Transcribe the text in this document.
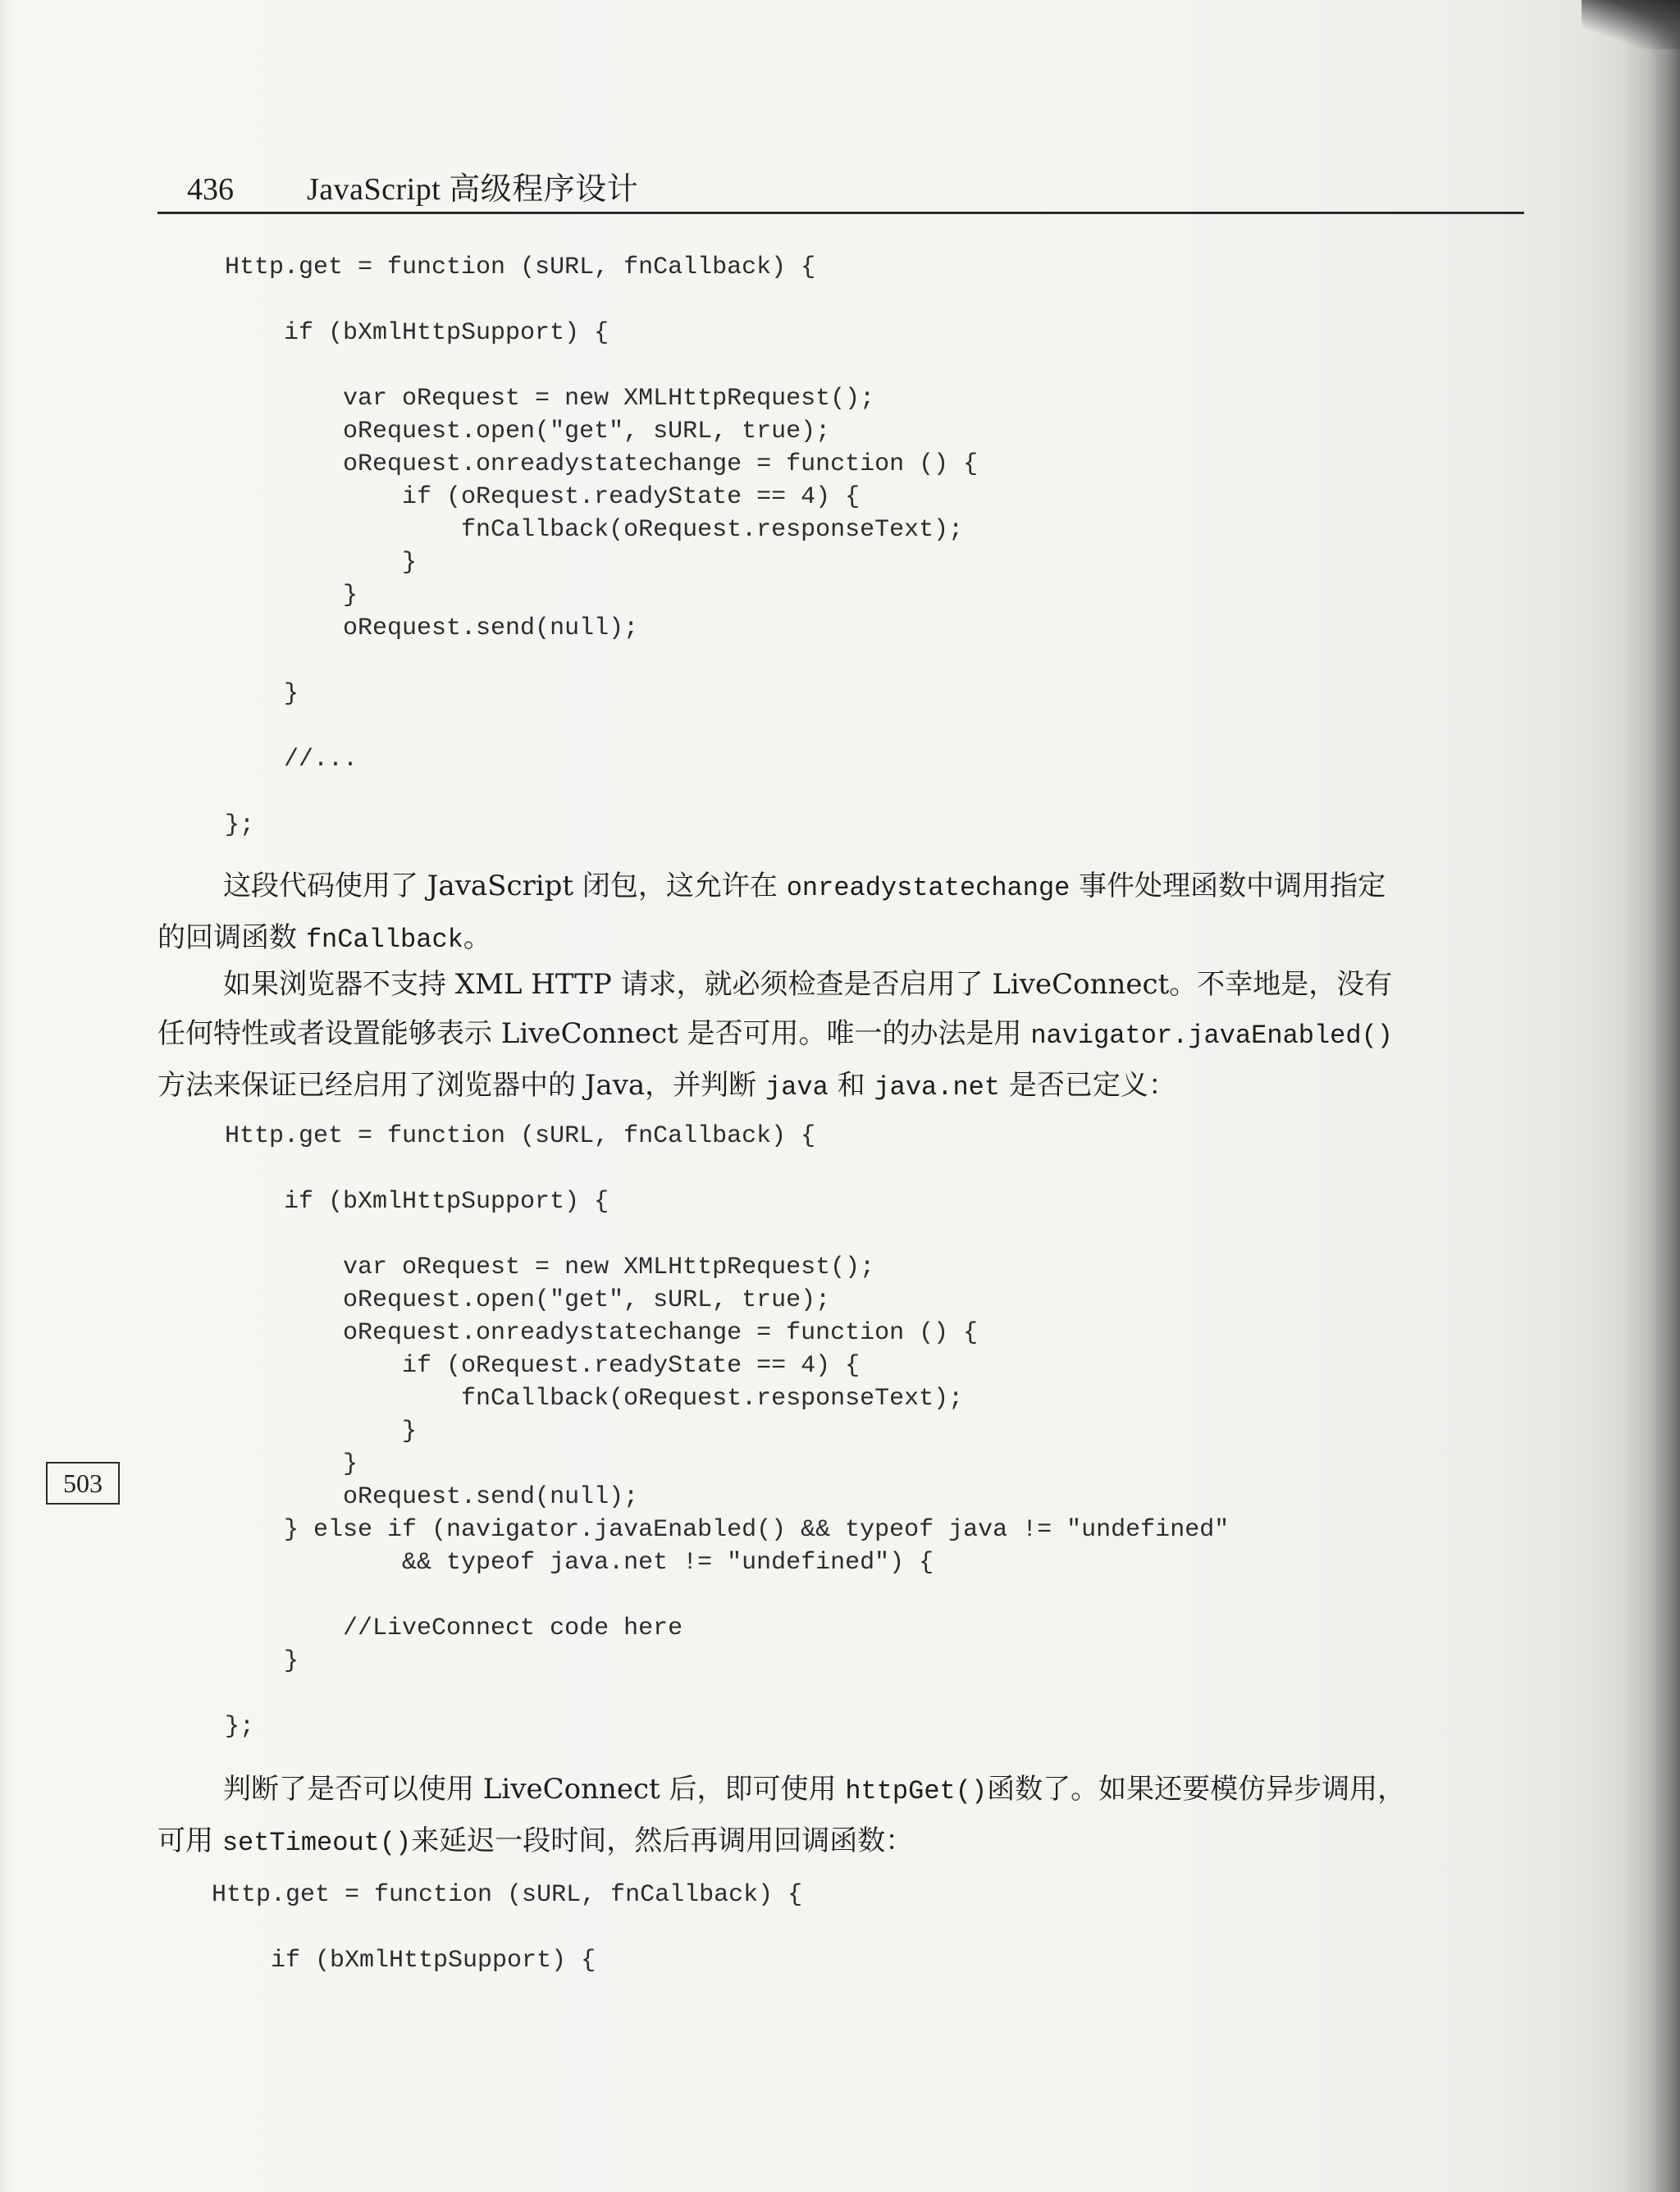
436 JavaScript 高级程序设计
Http.get = function (sURL, fnCallback) {

if (bXmlHttpSupport) {

var oRequest = new XMLHttpRequest();
oRequest.open("get", sURL, true);
oRequest.onreadystatechange = function () {
if (oRequest.readyState == 4) {
fnCallback(oRequest.responseText);
}
}
oRequest.send(null);

}

//...

};

这段代码使用了 JavaScript 闭包，这允许在 onreadystatechange 事件处理函数中调用指定
的回调函数 fnCallback。

如果浏览器不支持 XML HTTP 请求，就必须检查是否启用了 LiveConnect。不幸地是，没有
任何特性或者设置能够表示 LiveConnect 是否可用。唯一的办法是用 navigator.javaEnabled()
方法来保证已经启用了浏览器中的 Java，并判断 java 和 java.net 是否已定义：

Http.get = function (sURL, fnCallback) {

if (bXmlHttpSupport) {

var oRequest = new XMLHttpRequest();
oRequest.open("get", sURL, true);
oRequest.onreadystatechange = function () {
if (oRequest.readyState == 4) {
fnCallback(oRequest.responseText);
}
}
oRequest.send(null);
} else if (navigator.javaEnabled() && typeof java != "undefined"
&& typeof java.net != "undefined") {

//LiveConnect code here
}

};
503

判断了是否可以使用 LiveConnect 后，即可使用 httpGet()函数了。如果还要模仿异步调用，
可用 setTimeout()来延迟一段时间，然后再调用回调函数：

Http.get = function (sURL, fnCallback) {

if (bXmlHttpSupport) {
